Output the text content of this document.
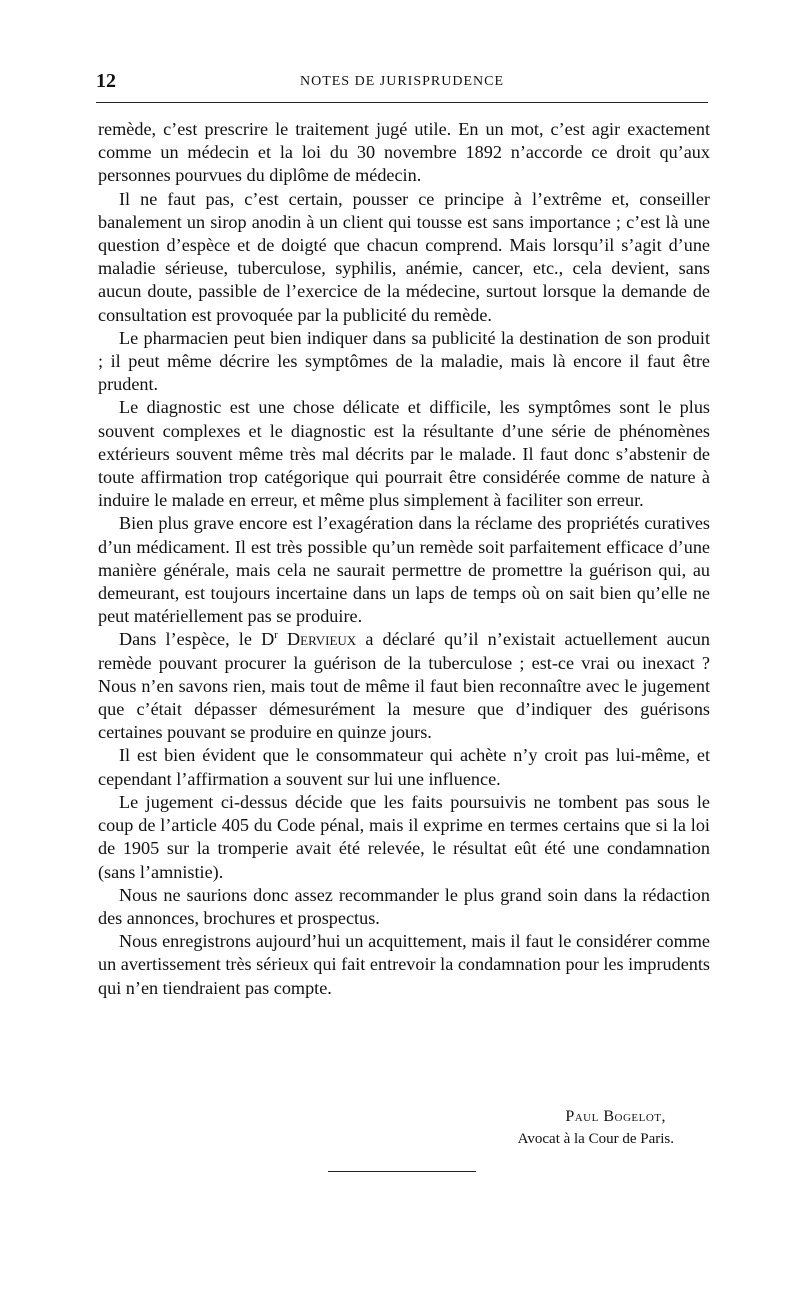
12	NOTES DE JURISPRUDENCE

remède, c’est prescrire le traitement jugé utile. En un mot, c’est agir exactement comme un médecin et la loi du 30 novembre 1892 n’accorde ce droit qu’aux personnes pourvues du diplôme de médecin.

Il ne faut pas, c’est certain, pousser ce principe à l’extrême et, conseiller banalement un sirop anodin à un client qui tousse est sans importance ; c’est là une question d’espèce et de doigté que chacun comprend. Mais lorsqu’il s’agit d’une maladie sérieuse, tuberculose, syphilis, anémie, cancer, etc., cela devient, sans aucun doute, passible de l’exercice de la médecine, surtout lorsque la demande de consultation est provoquée par la publicité du remède.

Le pharmacien peut bien indiquer dans sa publicité la destination de son produit ; il peut même décrire les symptômes de la maladie, mais là encore il faut être prudent.

Le diagnostic est une chose délicate et difficile, les symptômes sont le plus souvent complexes et le diagnostic est la résultante d’une série de phénomènes extérieurs souvent même très mal décrits par le malade. Il faut donc s’abstenir de toute affirmation trop catégorique qui pourrait être considérée comme de nature à induire le malade en erreur, et même plus simplement à faciliter son erreur.

Bien plus grave encore est l’exagération dans la réclame des propriétés curatives d’un médicament. Il est très possible qu’un remède soit parfaitement efficace d’une manière générale, mais cela ne saurait permettre de promettre la guérison qui, au demeurant, est toujours incertaine dans un laps de temps où on sait bien qu’elle ne peut matériellement pas se produire.

Dans l’espèce, le $D^r$ Dervieux a déclaré qu’il n’existait actuellement aucun remède pouvant procurer la guérison de la tuberculose ; est-ce vrai ou inexact ? Nous n’en savons rien, mais tout de même il faut bien reconnaître avec le jugement que c’était dépasser démesurément la mesure que d’indiquer des guérisons certaines pouvant se produire en quinze jours.

Il est bien évident que le consommateur qui achète n’y croit pas lui-même, et cependant l’affirmation a souvent sur lui une influence.

Le jugement ci-dessus décide que les faits poursuivis ne tombent pas sous le coup de l’article 405 du Code pénal, mais il exprime en termes certains que si la loi de 1905 sur la tromperie avait été relevée, le résultat eût été une condamnation (sans l’amnistie).

Nous ne saurions donc assez recommander le plus grand soin dans la rédaction des annonces, brochures et prospectus.

Nous enregistrons aujourd’hui un acquittement, mais il faut le considérer comme un avertissement très sérieux qui fait entrevoir la condamnation pour les imprudents qui n’en tiendraient pas compte.

Paul Bogelot,
Avocat à la Cour de Paris.
